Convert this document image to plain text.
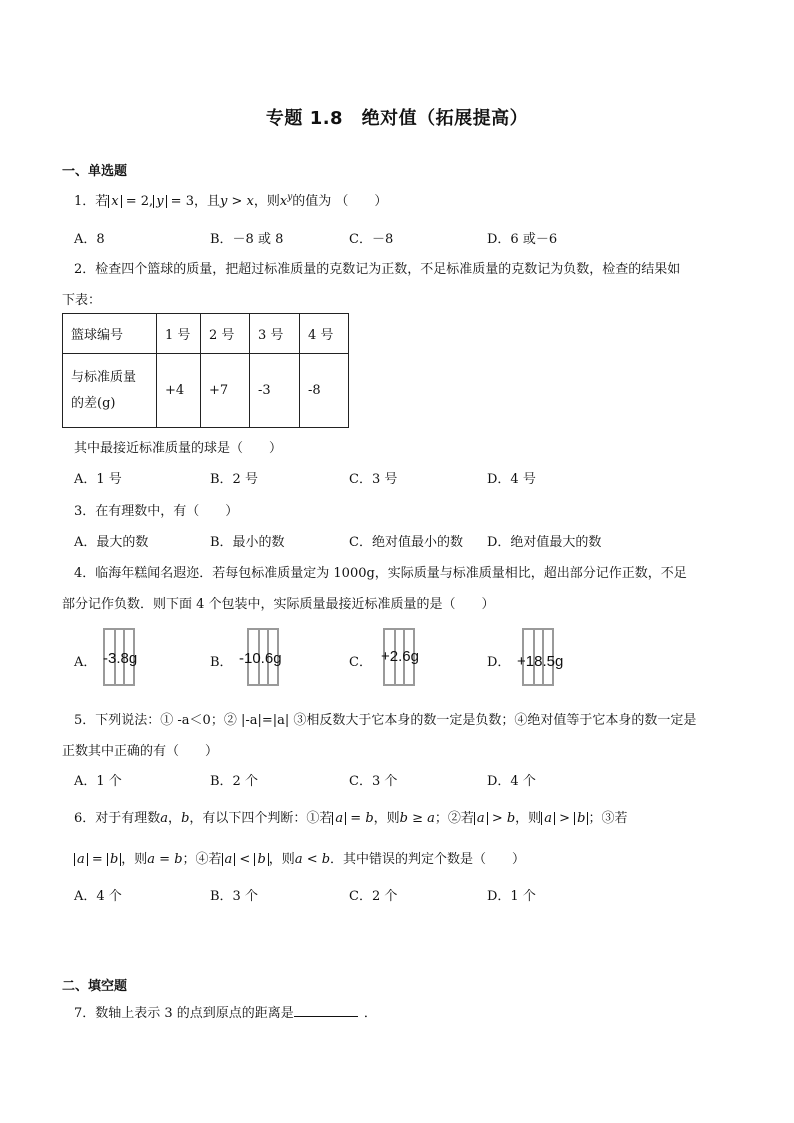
专题 1.8　绝对值（拓展提高）
一、单选题
1．若 x = 2, y = 3，且y > x，则$x^y$的值为 （　　）
A．8	B．－8 或 8	C．－8	D．6 或－6
2．检查四个篮球的质量，把超过标准质量的克数记为正数，不足标准质量的克数记为负数，检查的结果如
下表：
篮球编号	1 号	2 号	3 号	4 号

与标准质量
的差(g)	+4	+7	-3	-8
其中最接近标准质量的球是（　　）
A．1 号	B．2 号	C．3 号	D．4 号
3．在有理数中，有（　　）
A．最大的数	B．最小的数	C．绝对值最小的数 D．绝对值最大的数
4．临海年糕闻名遐迩．若每包标准质量定为 1000g，实际质量与标准质量相比，超出部分记作正数，不足
部分记作负数．则下面 4 个包装中，实际质量最接近标准质量的是（　　）
A． -3.8g	B． -10.6g	C． +2.6g	D． +18.5g
5．下列说法：① -a＜0；② |-a|=|a| ③相反数大于它本身的数一定是负数；④绝对值等于它本身的数一定是
正数其中正确的有（　　）
A．1 个	B．2 个	C．3 个	D．4 个
6．对于有理数a，b，有以下四个判断：①若 a = b，则b ≥ a；②若 a > b，则 a > b ；③若
a = b ，则a = b；④若 a < b ，则a < b．其中错误的判定个数是（　　）
A．4 个	B．3 个	C．2 个	D．1 个
二、填空题
7．数轴上表示 3 的点到原点的距离是	．
